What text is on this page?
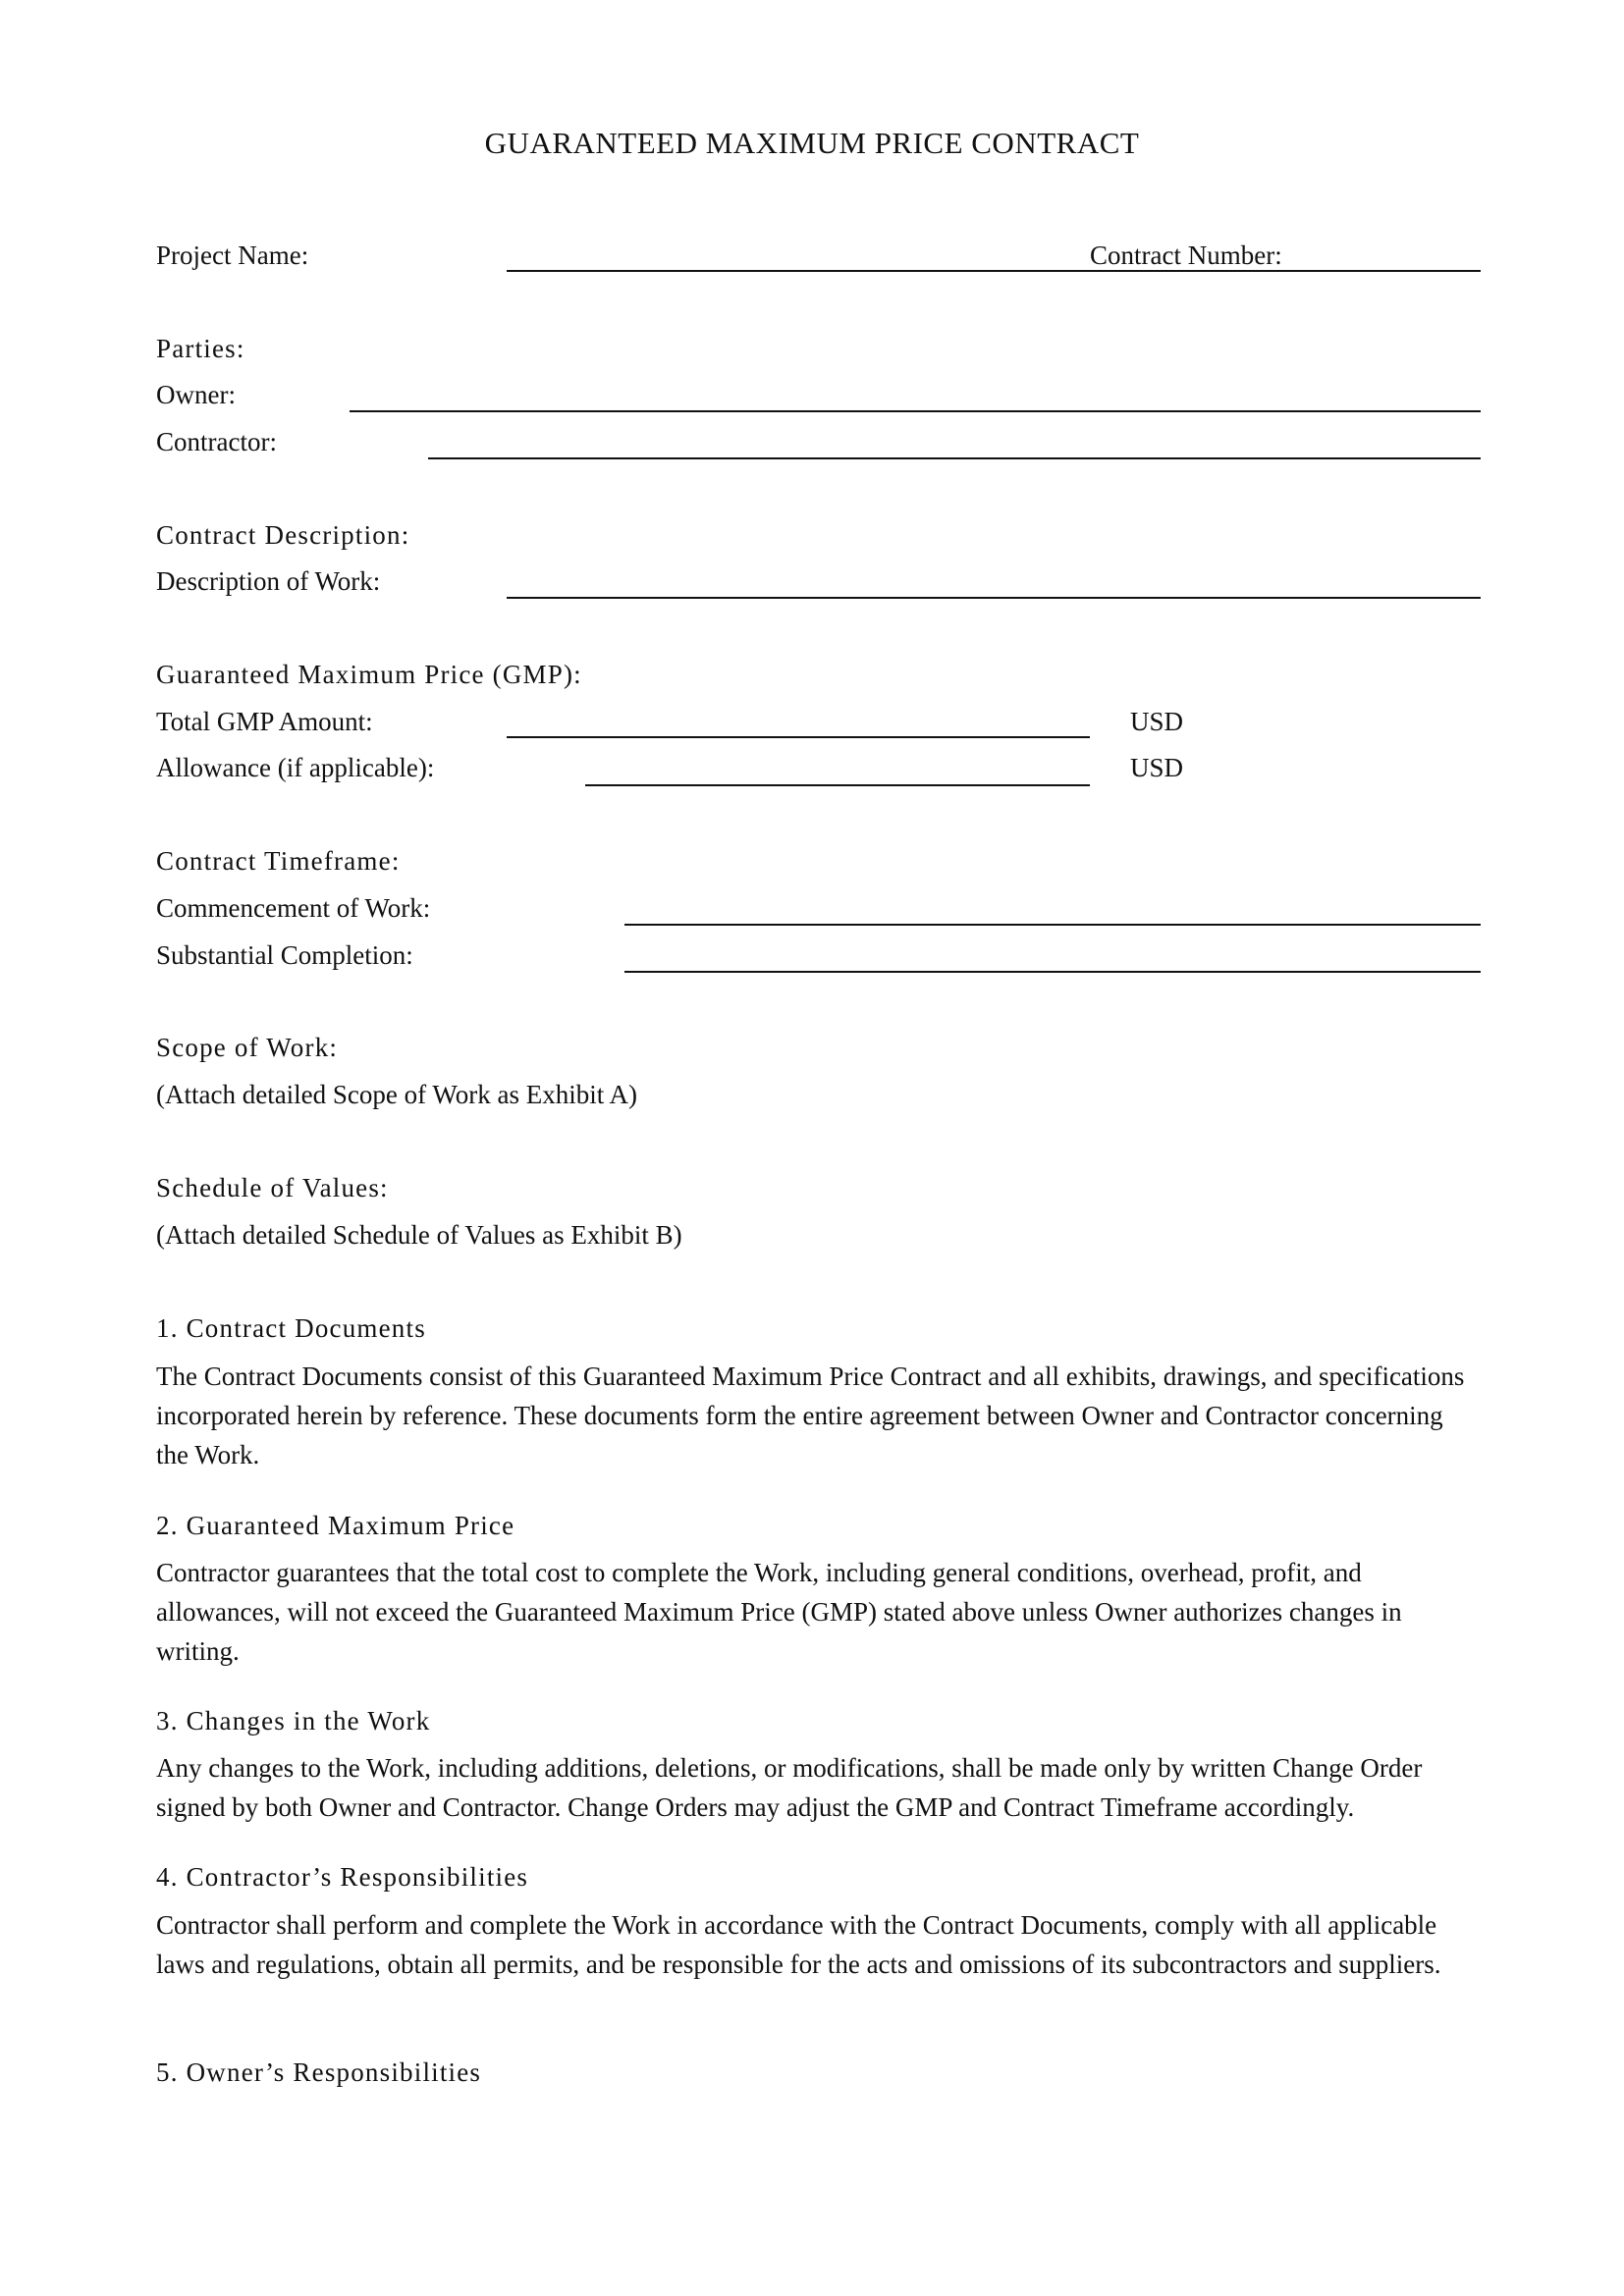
GUARANTEED MAXIMUM PRICE CONTRACT
Project Name:	Contract Number:
Parties:
Owner:
Contractor:
Contract Description:
Description of Work:
Guaranteed Maximum Price (GMP):
Total GMP Amount:	USD
Allowance (if applicable):	USD
Contract Timeframe:
Commencement of Work:
Substantial Completion:
Scope of Work:
(Attach detailed Scope of Work as Exhibit A)
Schedule of Values:
(Attach detailed Schedule of Values as Exhibit B)
1. Contract Documents
The Contract Documents consist of this Guaranteed Maximum Price Contract and all exhibits, drawings, and specifications incorporated herein by reference. These documents form the entire agreement between Owner and Contractor concerning the Work.
2. Guaranteed Maximum Price
Contractor guarantees that the total cost to complete the Work, including general conditions, overhead, profit, and allowances, will not exceed the Guaranteed Maximum Price (GMP) stated above unless Owner authorizes changes in writing.
3. Changes in the Work
Any changes to the Work, including additions, deletions, or modifications, shall be made only by written Change Order signed by both Owner and Contractor. Change Orders may adjust the GMP and Contract Timeframe accordingly.
4. Contractor’s Responsibilities
Contractor shall perform and complete the Work in accordance with the Contract Documents, comply with all applicable laws and regulations, obtain all permits, and be responsible for the acts and omissions of its subcontractors and suppliers.
5. Owner’s Responsibilities
